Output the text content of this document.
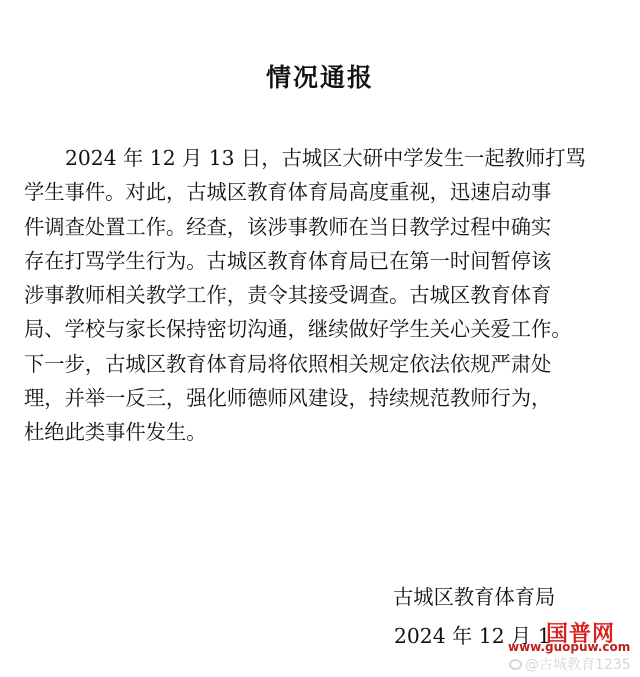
情况通报
2024 年 12 月 13 日，古城区大研中学发生一起教师打骂
学生事件。对此，古城区教育体育局高度重视，迅速启动事
件调查处置工作。经查，该涉事教师在当日教学过程中确实
存在打骂学生行为。古城区教育体育局已在第一时间暂停该
涉事教师相关教学工作，责令其接受调查。古城区教育体育
局、学校与家长保持密切沟通，继续做好学生关心关爱工作。
下一步，古城区教育体育局将依照相关规定依法依规严肃处
理，并举一反三，强化师德师风建设，持续规范教师行为，
杜绝此类事件发生。
古城区教育体育局
2024 年 12 月 1
国普网
www.guopuw.com
@古城教育1235
